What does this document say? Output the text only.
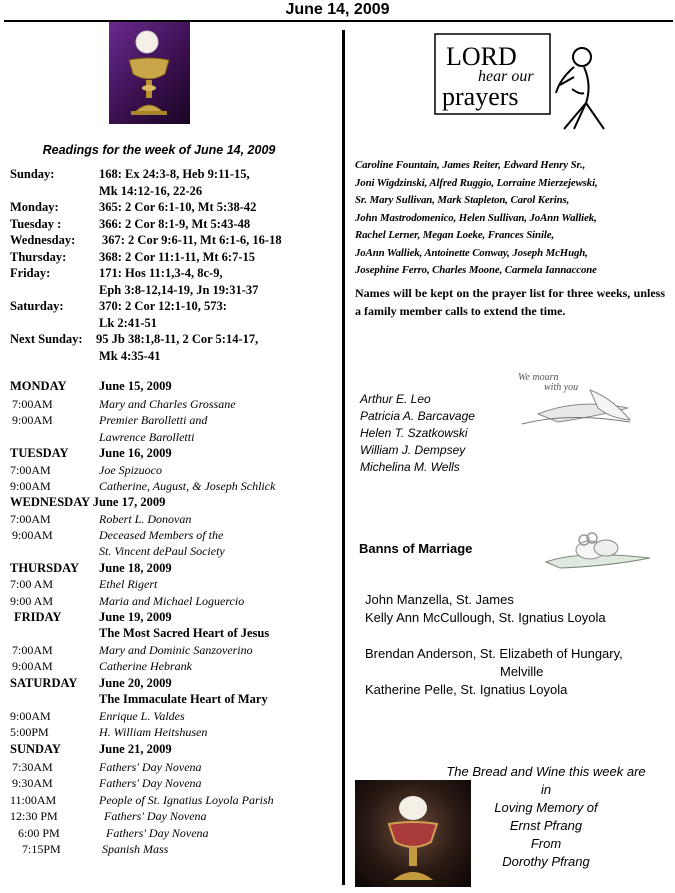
June 14, 2009
Readings for the week of June 14, 2009
Sunday:	168: Ex 24:3-8, Heb 9:11-15,
Mk 14:12-16, 22-26
Monday:	365: 2 Cor 6:1-10, Mt 5:38-42
Tuesday :	366: 2 Cor 8:1-9, Mt 5:43-48
Wednesday: 367: 2 Cor 9:6-11, Mt 6:1-6, 16-18
Thursday:	368: 2 Cor 11:1-11, Mt 6:7-15
Friday:	171: Hos 11:1,3-4, 8c-9,
Eph 3:8-12,14-19, Jn 19:31-37
Saturday:	370: 2 Cor 12:1-10, 573:
Lk 2:41-51
Next Sunday: 95 Jb 38:1,8-11, 2 Cor 5:14-17,
Mk 4:35-41
MONDAY	June 15, 2009
7:00AM	Mary and Charles Grossane
9:00AM	Premier Barolletti and
Lawrence Barolletti
TUESDAY June 16, 2009
7:00AM	Joe Spizuoco
9:00AM	Catherine, August, & Joseph Schlick
WEDNESDAY June 17, 2009
7:00AM	Robert L. Donovan
9:00AM	Deceased Members of the
St. Vincent dePaul Society
THURSDAY June 18, 2009
7:00 AM	Ethel Rigert
9:00 AM	Maria and Michael Loguercio
FRIDAY	June 19, 2009
The Most Sacred Heart of Jesus
7:00AM	Mary and Dominic Sanzoverino
9:00AM	Catherine Hebrank
SATURDAY June 20, 2009
The Immaculate Heart of Mary
9:00AM	Enrique L. Valdes
5:00PM	H. William Heitshusen
SUNDAY	June 21, 2009
7:30AM	Fathers' Day Novena
9:30AM	Fathers' Day Novena
11:00AM	People of St. Ignatius Loyola Parish
12:30 PM	Fathers' Day Novena
6:00 PM	Fathers' Day Novena
7:15PM	Spanish Mass
LORD
hear our
prayers
Caroline Fountain, James Reiter, Edward Henry Sr.,
Joni Wigdzinski, Alfred Ruggio, Lorraine Mierzejewski,
Sr. Mary Sullivan, Mark Stapleton, Carol Kerins,
John Mastrodomenico, Helen Sullivan, JoAnn Walliek,
Rachel Lerner, Megan Loeke, Frances Sinile,
JoAnn Walliek, Antoinette Conway, Joseph McHugh,
Josephine Ferro, Charles Moone, Carmela Iannaccone
Names will be kept on the prayer list for three weeks, unless a family member calls to extend the time.
We mourn
with you
Arthur E. Leo
Patricia A. Barcavage
Helen T. Szatkowski
William J. Dempsey
Michelina M. Wells
Banns of Marriage
John Manzella, St. James
Kelly Ann McCullough, St. Ignatius Loyola
Brendan Anderson, St. Elizabeth of Hungary,
Melville
Katherine Pelle, St. Ignatius Loyola
The Bread and Wine this week are
in
Loving Memory of
Ernst Pfrang
From
Dorothy Pfrang
